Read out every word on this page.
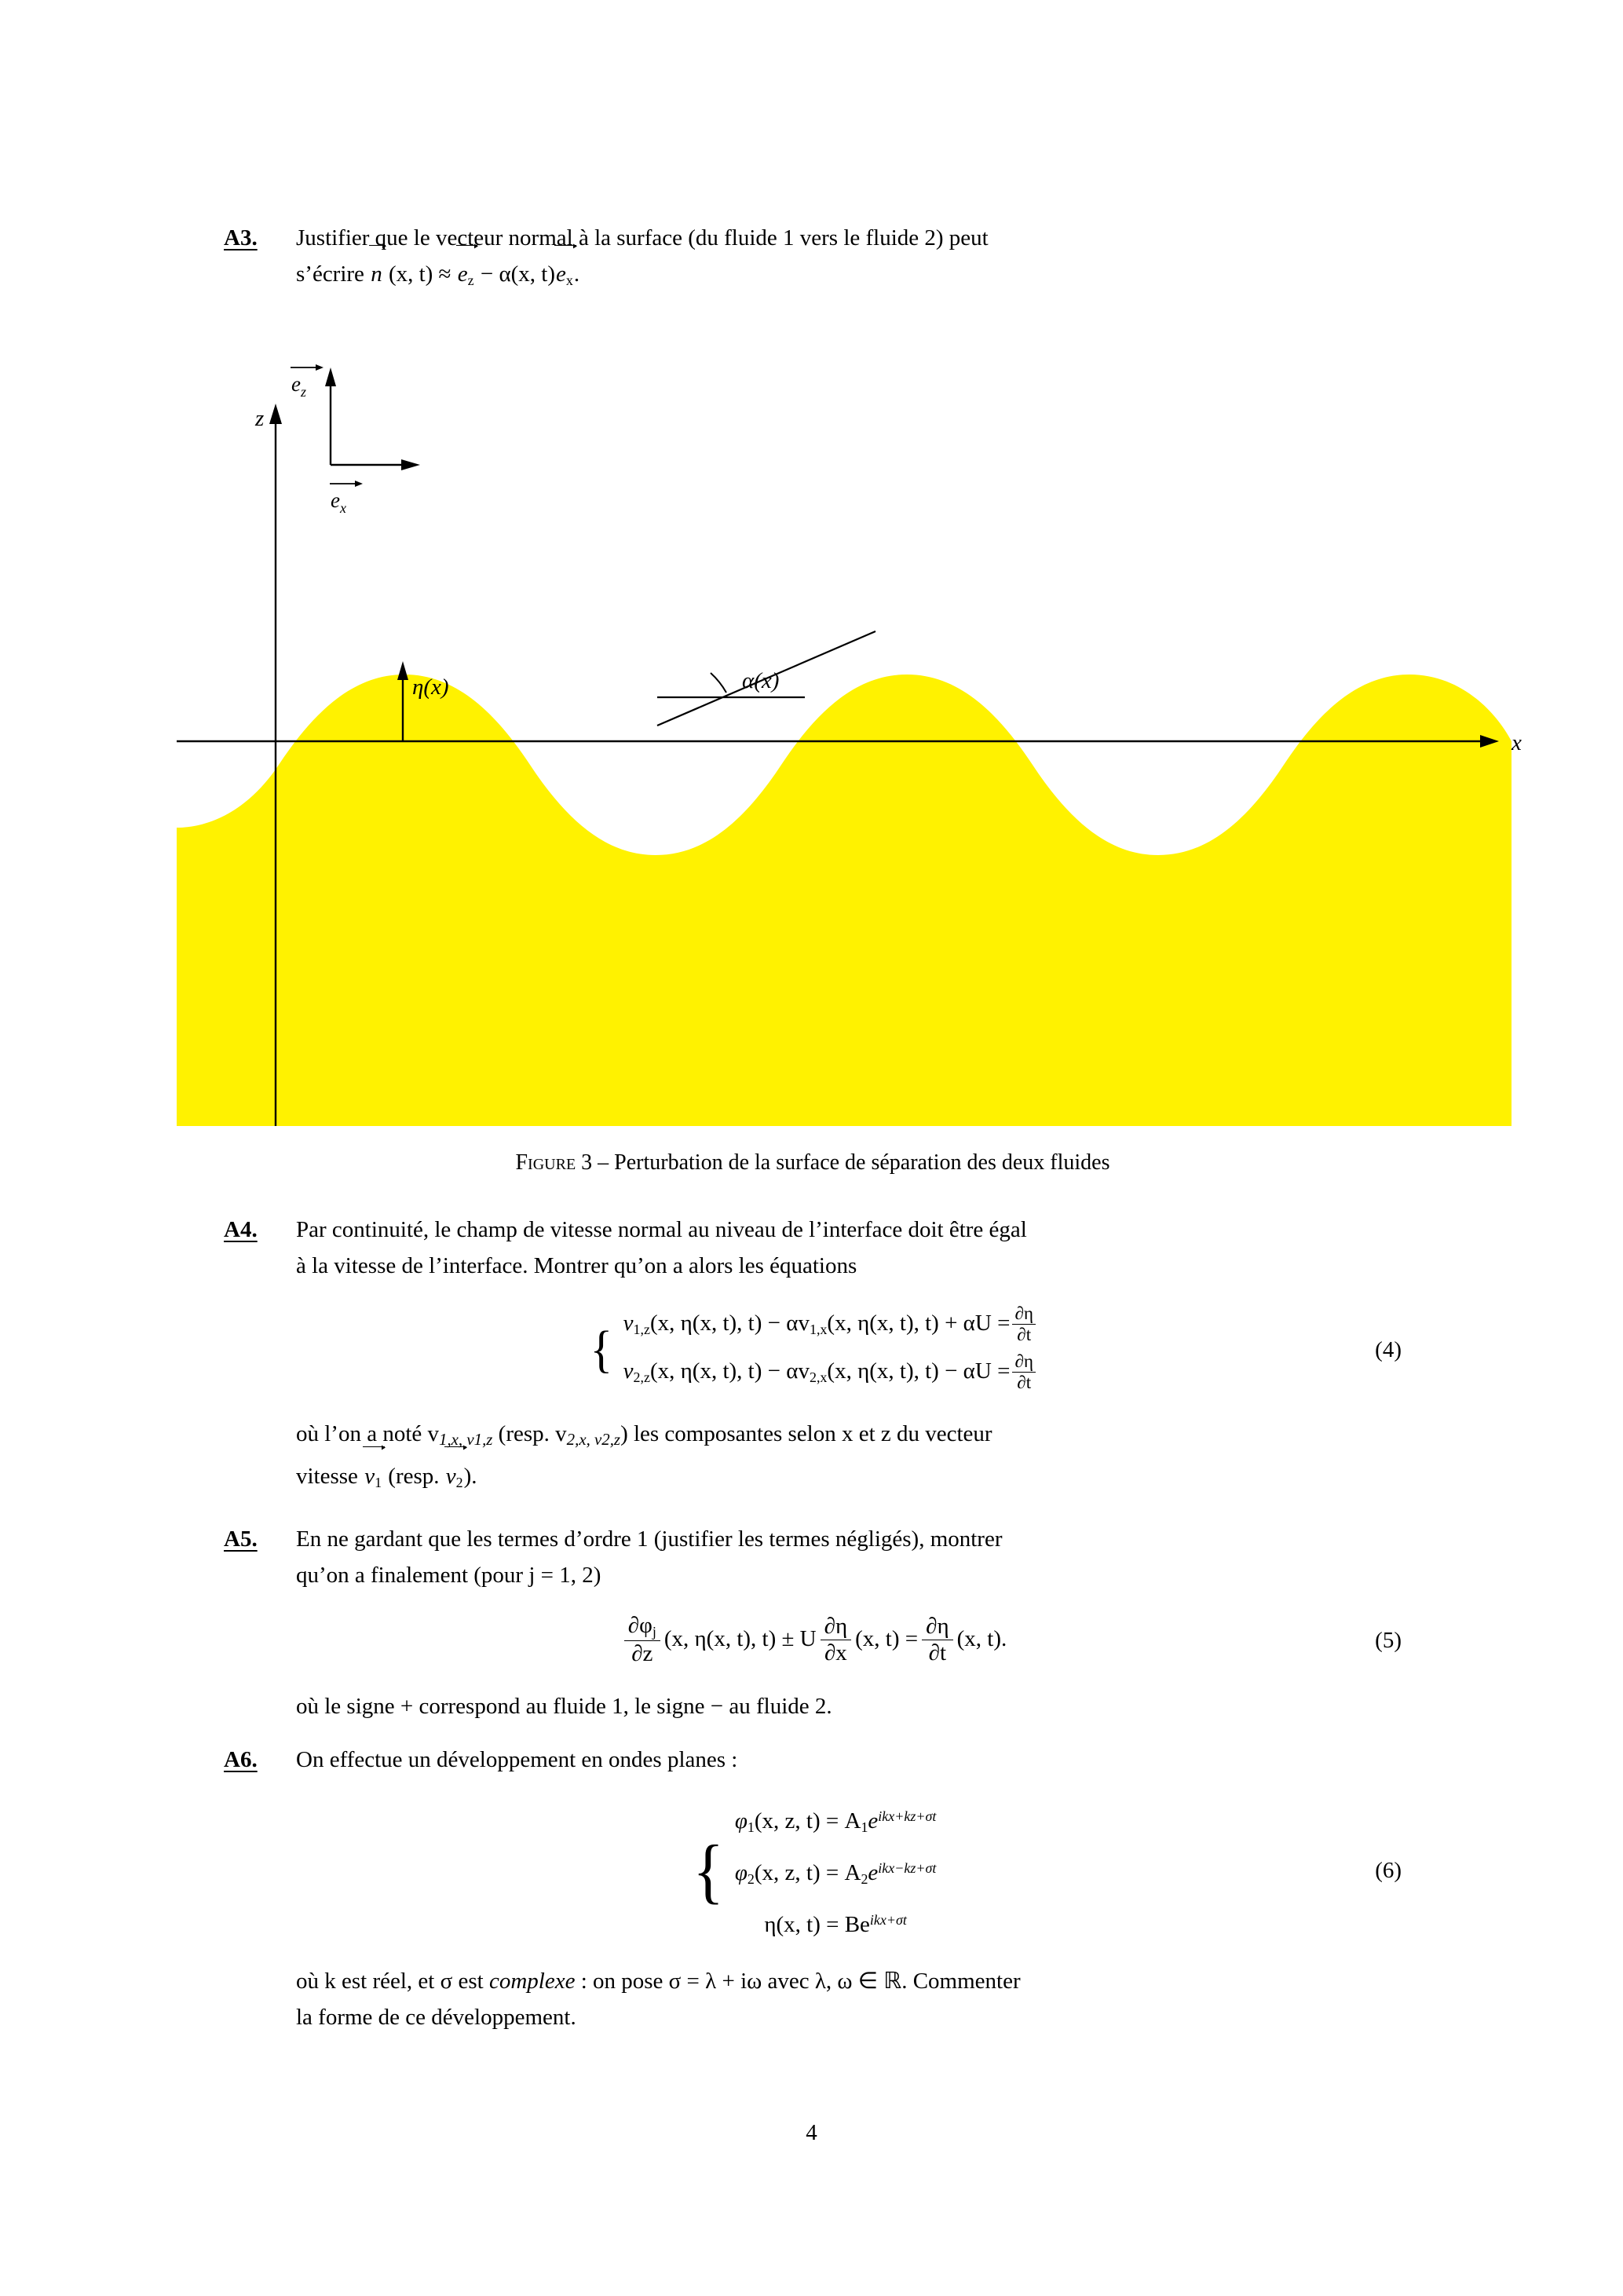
A3.	Justifier que le vecteur normal à la surface (du fluide 1 vers le fluide 2) peut

s’écrire n (x, $t) \approx e_z - \alpha(x$, $t)e_x$.

x
z
$e_z$
$e_x$
η(x)	α(x)
Figure 3 – Perturbation de la surface de séparation des deux fluides
A4.	Par continuité, le champ de vitesse normal au niveau de l’interface doit être égal

à la vitesse de l’interface. Montrer qu’on a alors les équations

{ $v_{1,z}(x$, η(x, t), $t) - \alpha v_{1,x}(x$, η(x, t), $t) + \alpha U = \frac{\partial\eta}{\partial t}$
$v_{2,z}(x$, η(x, t), $t) - \alpha v_{2,x}(x$, η(x, t), $t) - \alpha U = \frac{\partial\eta}{\partial t}$
(4)

où l’on a noté v1,x, v1,z (resp. v2,x, v2,z) les composantes selon x et z du vecteur

vitesse $v_1$ (resp. $v_2$).

A5.	En ne gardant que les termes d’ordre 1 (justifier les termes négligés), montrer

qu’on a finalement (pour j = 1, 2)

$\frac{\partial\varphi_j}{\partial z} (x$, η(x, t), t) ± U $\frac{\partial\eta}{\partial x} (x$, $t) = \frac{\partial\eta}{\partial t} (x$, t).	(5)

où le signe + correspond au fluide 1, le signe − au fluide 2.

A6.	On effectue un développement en ondes planes :

{
$\varphi_1(x$, z, $t) = A_1e^{ikx+kz+\sigma t}$
$\varphi_2(x$, z, $t) = A_2e^{ikx-kz+\sigma t}$
η(x, $t) = Be^{ikx+\sigma t}$
(6)

où k est réel, et σ est complexe : on pose σ = λ + iω avec λ, ω ∈ ℝ. Commenter

la forme de ce développement.

4
